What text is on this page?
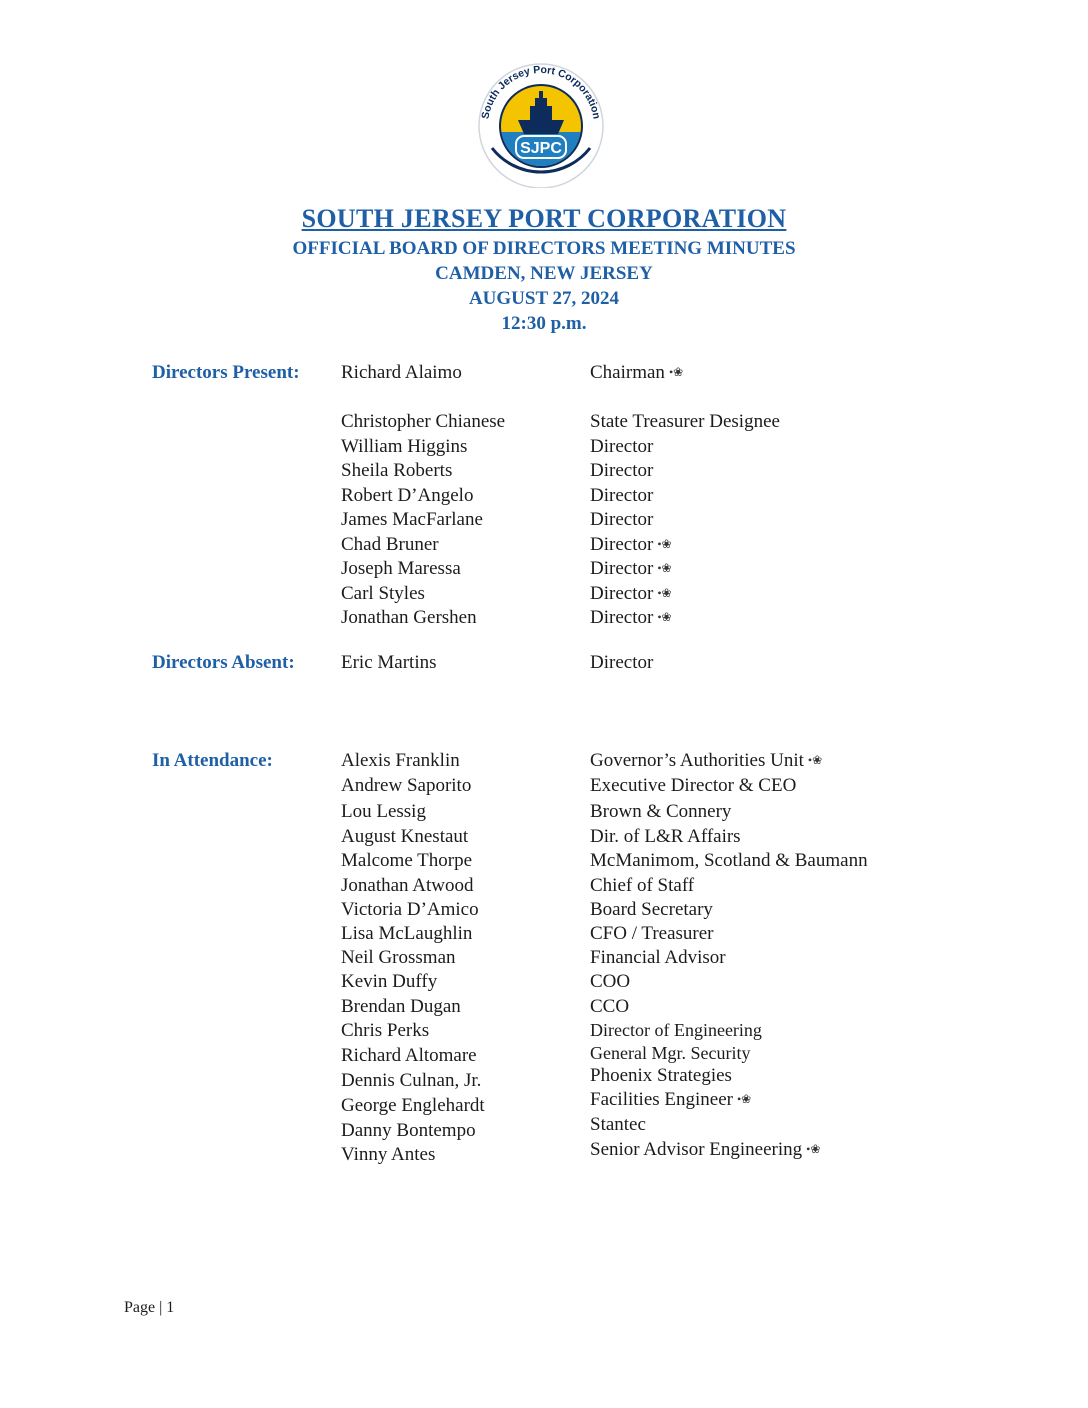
South Jersey Port Corporation
SJPC
SOUTH JERSEY PORT CORPORATION
OFFICIAL BOARD OF DIRECTORS MEETING MINUTES
CAMDEN, NEW JERSEY
AUGUST 27, 2024
12:30 p.m.
Directors Present: Richard Alaimo	Chairman •❀
Christopher Chianese	State Treasurer Designee
William Higgins	Director
Sheila Roberts	Director
Robert D’Angelo	Director
James MacFarlane	Director
Chad Bruner	Director •❀
Joseph Maressa	Director •❀
Carl Styles	Director •❀
Jonathan Gershen	Director •❀
Directors Absent: Eric Martins	Director
In Attendance:	Alexis Franklin	Governor’s Authorities Unit •❀
Andrew Saporito	Executive Director & CEO
Lou Lessig	Brown & Connery
August Knestaut	Dir. of L&R Affairs
Malcome Thorpe	McManimom, Scotland & Baumann
Jonathan Atwood	Chief of Staff
Victoria D’Amico	Board Secretary
Lisa McLaughlin	CFO / Treasurer
Neil Grossman	Financial Advisor
Kevin Duffy	COO
Brendan Dugan	CCO
Chris Perks	Director of Engineering
Richard Altomare	General Mgr. Security
Dennis Culnan, Jr.	Phoenix Strategies
George Englehardt	Facilities Engineer •❀
Danny Bontempo	Stantec
Vinny Antes	Senior Advisor Engineering •❀
Page | 1
